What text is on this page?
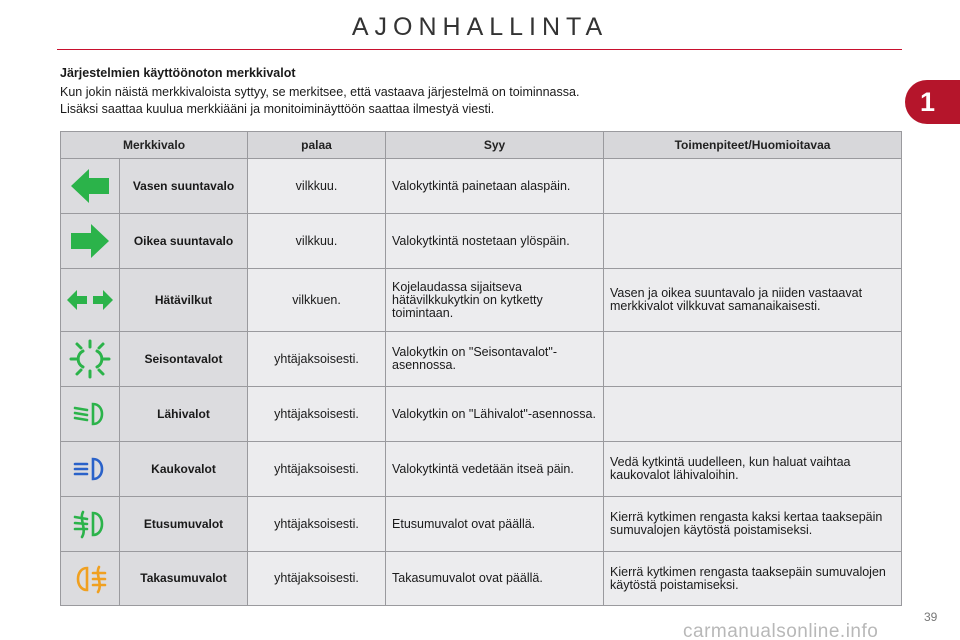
AJONHALLINTA
1
Järjestelmien käyttöönoton merkkivalot

Kun jokin näistä merkkivaloista syttyy, se merkitsee, että vastaava järjestelmä on toiminnassa.

Lisäksi saattaa kuulua merkkiääni ja monitoiminäyttöön saattaa ilmestyä viesti.

Merkkivalo		palaa	Syy	Toimenpiteet/Huomioitavaa

	Vasen suuntavalo	vilkkuu.	Valokytkintä painetaan alaspäin.	

	Oikea suuntavalo	vilkkuu.	Valokytkintä nostetaan ylöspäin.	

	Hätävilkut	vilkkuen.	Kojelaudassa sijaitseva hätävilkkukytkin on kytketty toimintaan.	Vasen ja oikea suuntavalo ja niiden vastaavat merkkivalot vilkkuvat samanaikaisesti.

	Seisontavalot	yhtäjaksoisesti.	Valokytkin on "Seisontavalot"-asennossa.	

	Lähivalot	yhtäjaksoisesti.	Valokytkin on "Lähivalot"-asennossa.	

	Kaukovalot	yhtäjaksoisesti.	Valokytkintä vedetään itseä päin.	Vedä kytkintä uudelleen, kun haluat vaihtaa kaukovalot lähivaloihin.

	Etusumuvalot	yhtäjaksoisesti.	Etusumuvalot ovat päällä.	Kierrä kytkimen rengasta kaksi kertaa taaksepäin sumuvalojen käytöstä poistamiseksi.

	Takasumuvalot	yhtäjaksoisesti.	Takasumuvalot ovat päällä.	Kierrä kytkimen rengasta taaksepäin sumuvalojen käytöstä poistamiseksi.
39
carmanualsonline.info
